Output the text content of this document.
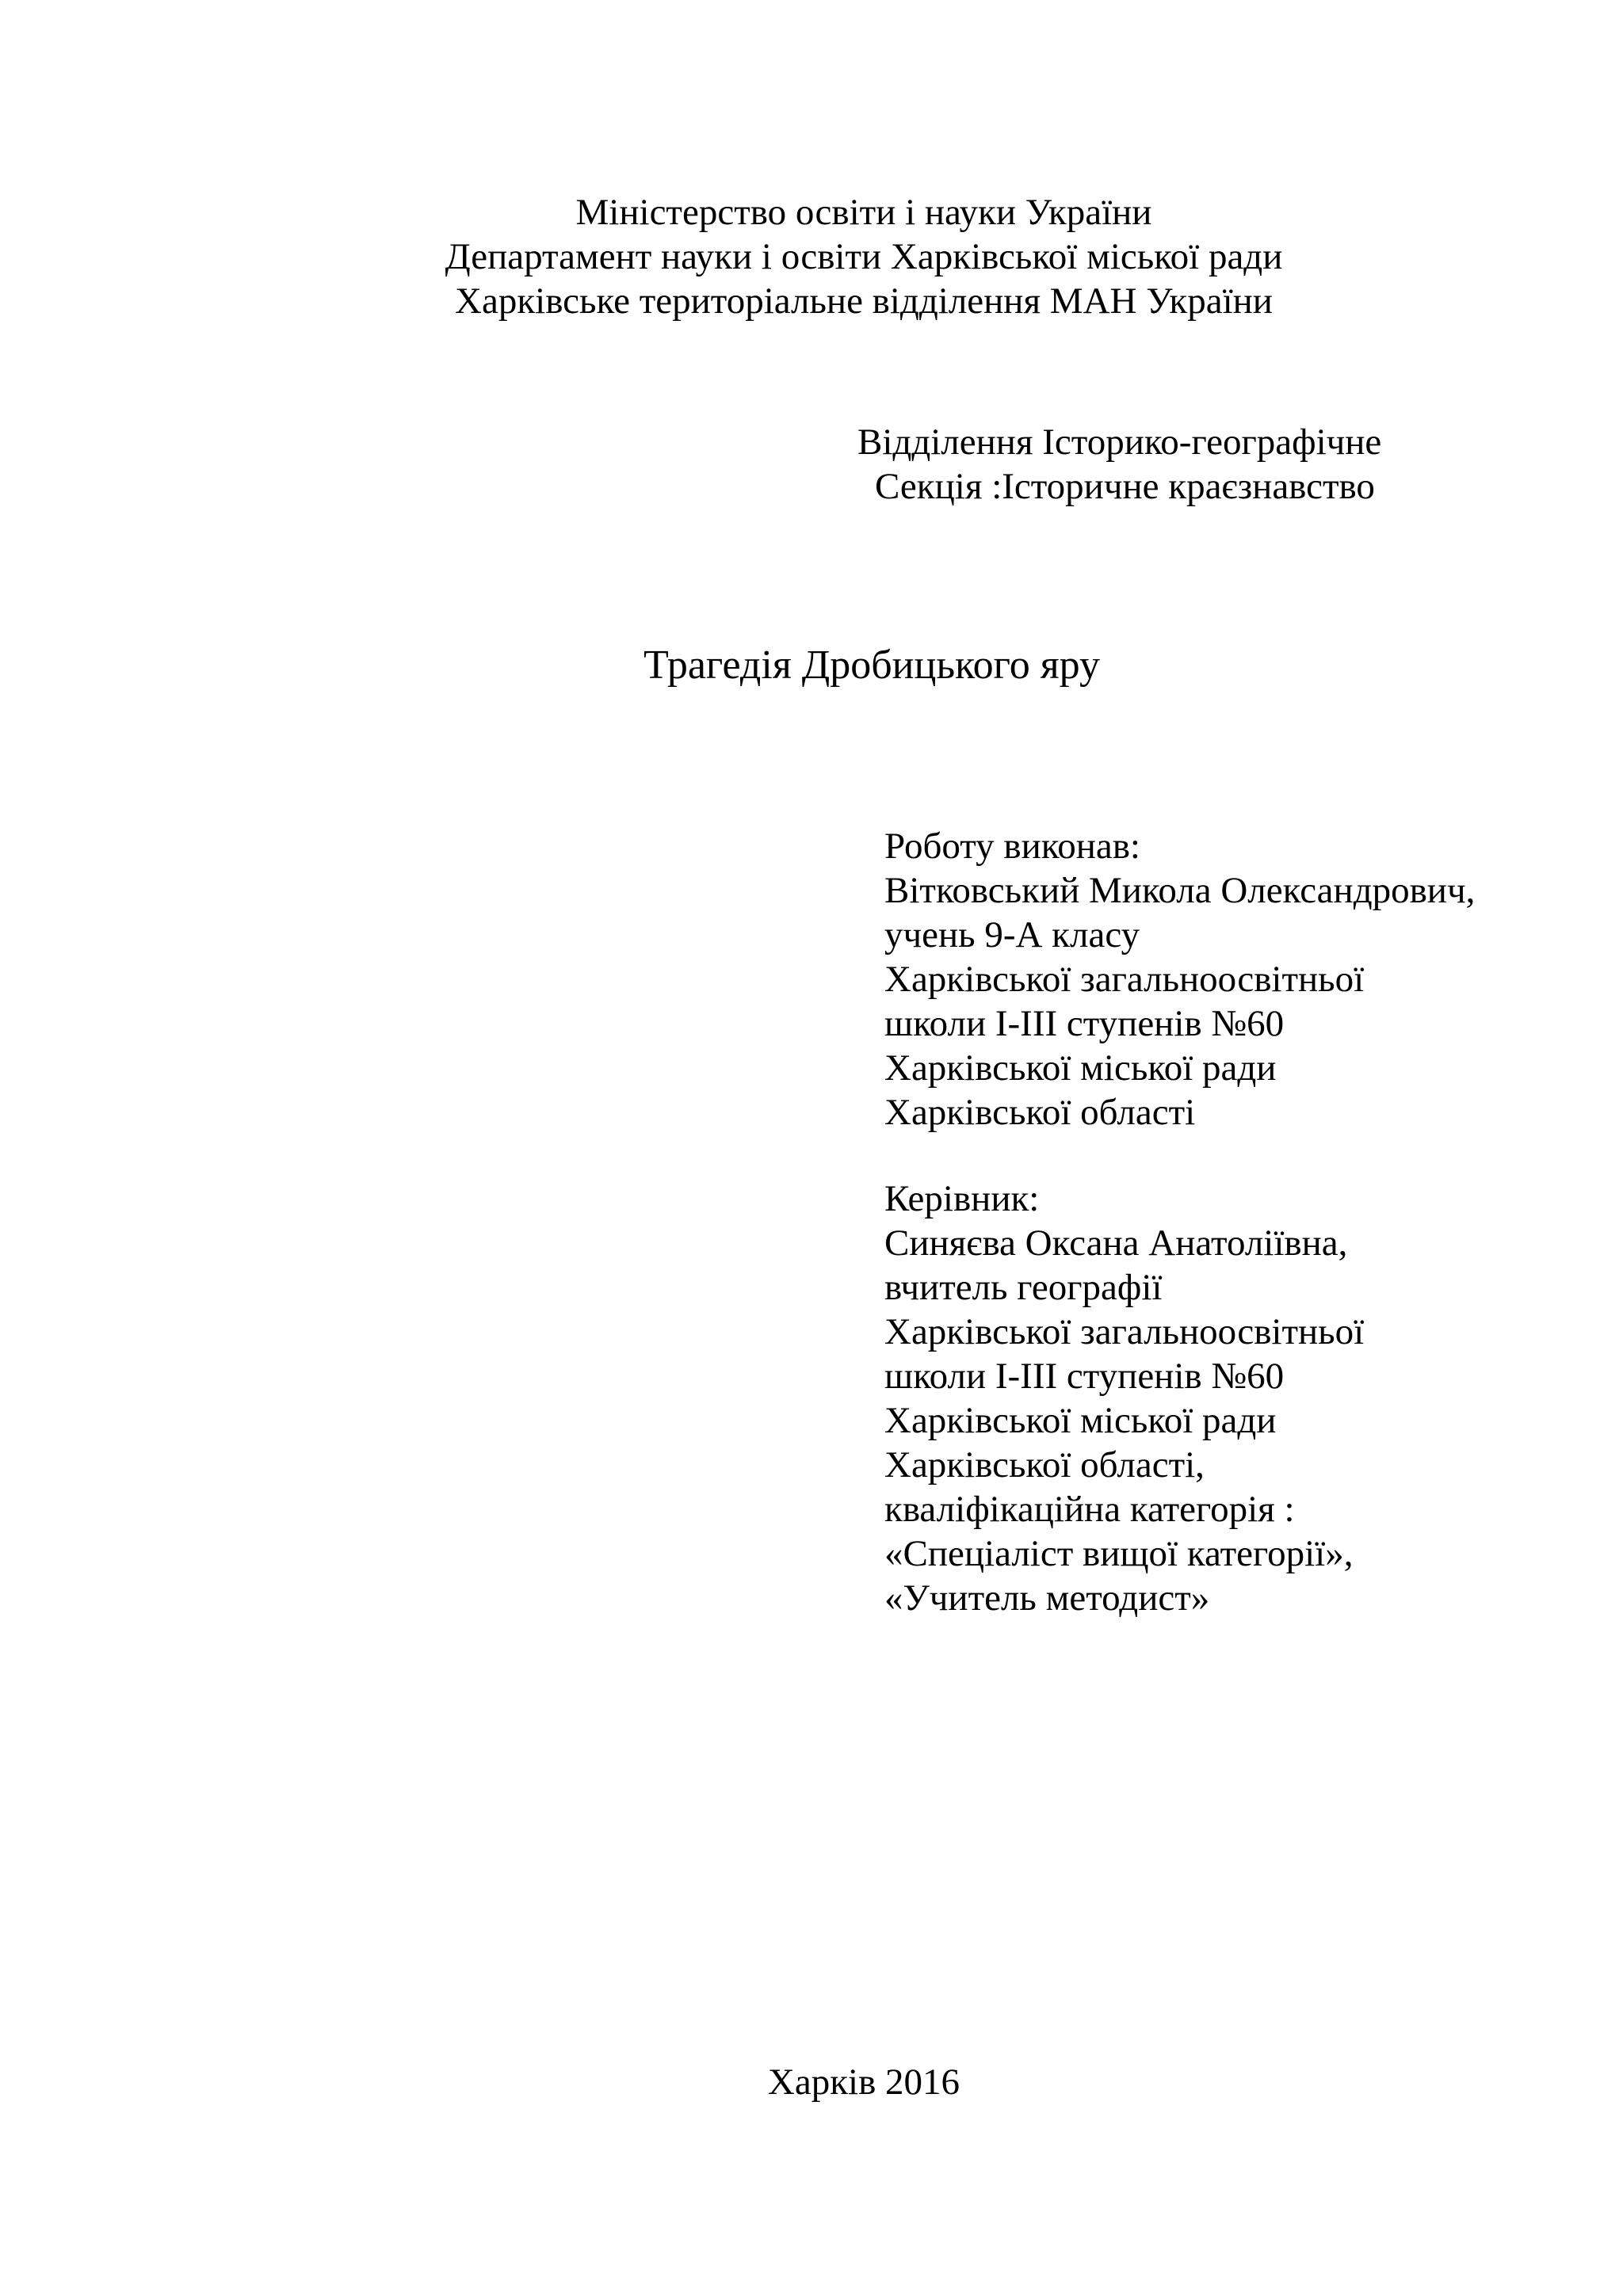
Міністерство освіти і науки України
Департамент науки і освіти Харківської міської ради
Харківське територіальне відділення МАН України
Відділення Історико-географічне
Секція :Історичне краєзнавство
Трагедія Дробицького яру
Роботу виконав:
Вітковський Микола Олександрович,
учень 9-А класу
Харківської загальноосвітньої
школи І-ІІІ ступенів №60
Харківської міської ради
Харківської області
Керівник:
Синяєва Оксана Анатоліївна,
вчитель географії
Харківської загальноосвітньої
школи І-ІІІ ступенів №60
Харківської міської ради
Харківської області,
кваліфікаційна категорія :
«Спеціаліст вищої категорії»,
«Учитель методист»
Харків 2016
